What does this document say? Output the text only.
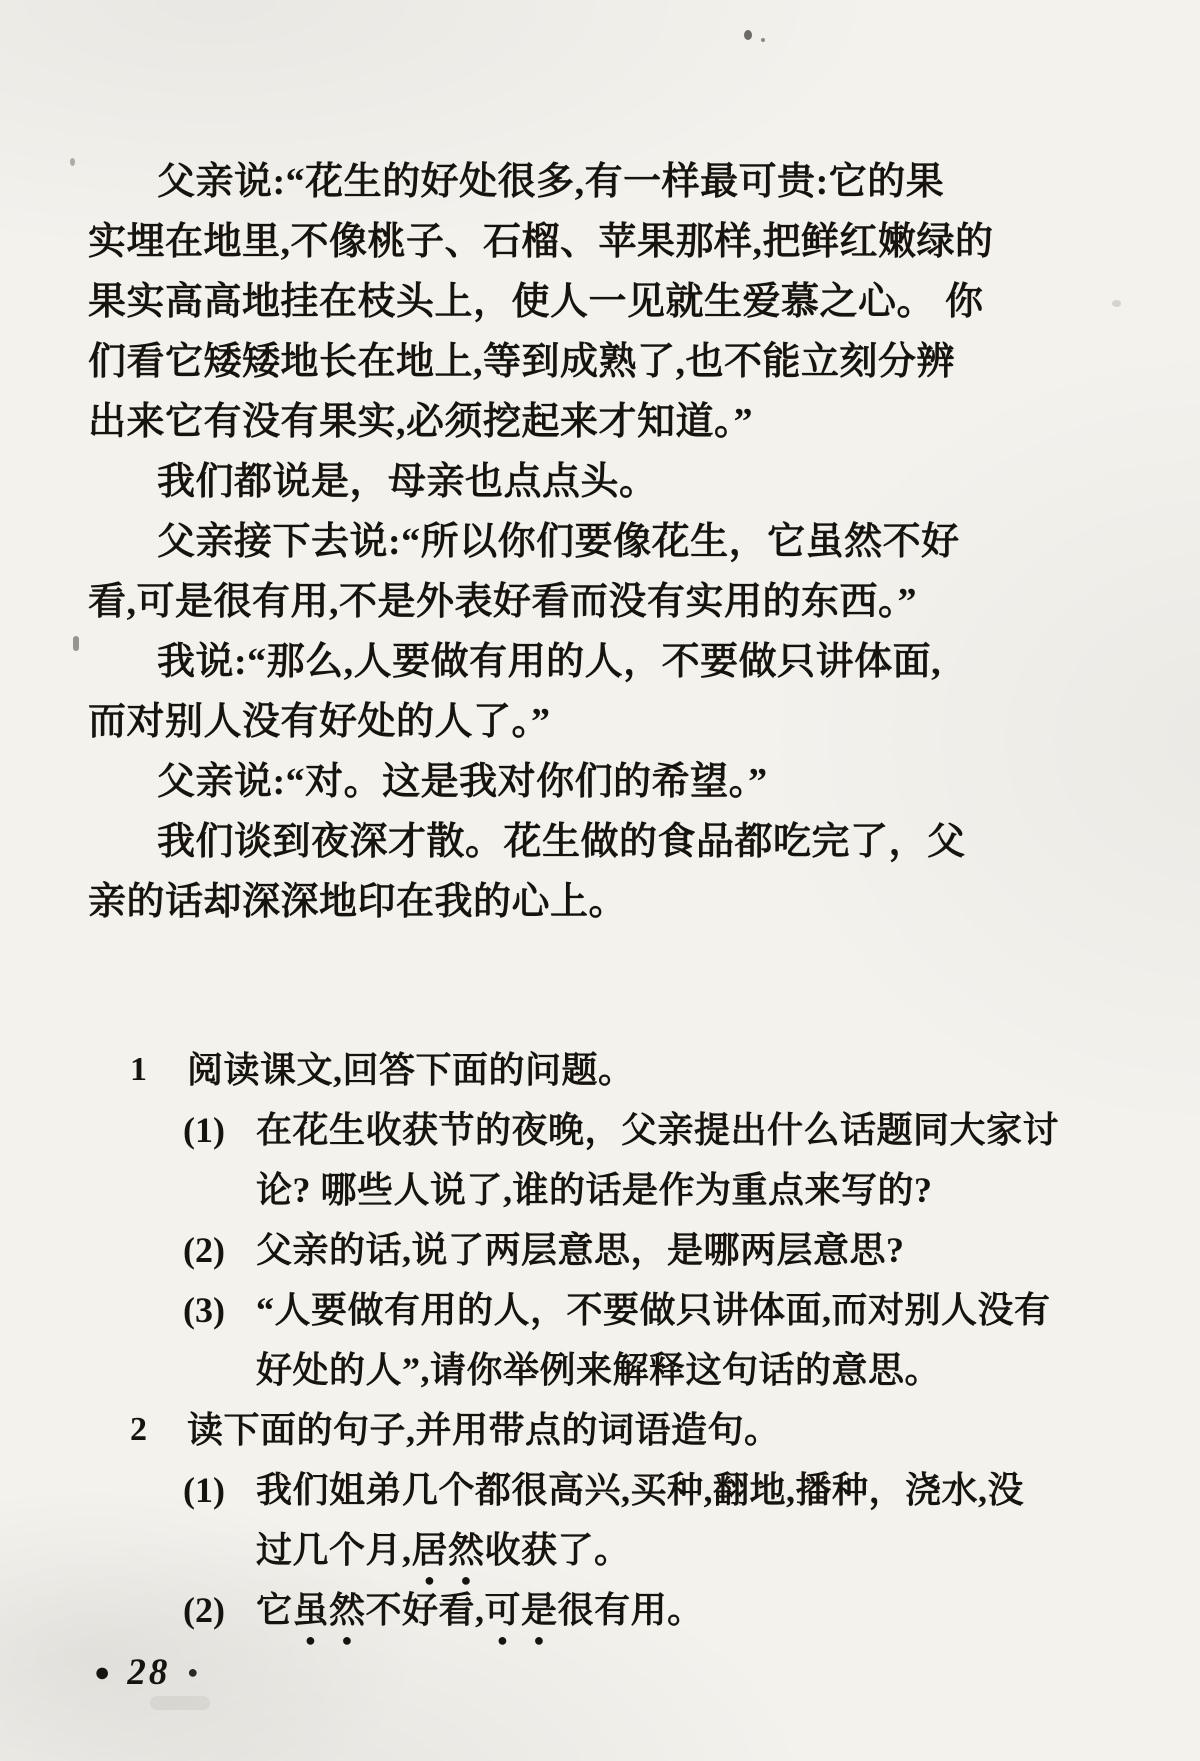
父亲说:“花生的好处很多,有一样最可贵:它的果
实埋在地里,不像桃子、石榴、苹果那样,把鲜红嫩绿的
果实高高地挂在枝头上，使人一见就生爱慕之心。 你
们看它矮矮地长在地上,等到成熟了,也不能立刻分辨
出来它有没有果实,必须挖起来才知道。”
我们都说是，母亲也点点头。
父亲接下去说:“所以你们要像花生，它虽然不好
看,可是很有用,不是外表好看而没有实用的东西。”
我说:“那么,人要做有用的人，不要做只讲体面,
而对别人没有好处的人了。”
父亲说:“对。这是我对你们的希望。”
我们谈到夜深才散。花生做的食品都吃完了，父
亲的话却深深地印在我的心上。
1 阅读课文,回答下面的问题。
(1) 在花生收获节的夜晚，父亲提出什么话题同大家讨
论? 哪些人说了,谁的话是作为重点来写的?
(2) 父亲的话,说了两层意思，是哪两层意思?
(3) “人要做有用的人，不要做只讲体面,而对别人没有
好处的人”,请你举例来解释这句话的意思。
2 读下面的句子,并用带点的词语造句。
(1) 我们姐弟几个都很高兴,买种,翻地,播种，浇水,没
过几个月,居然收获了。
(2) 它虽然不好看,可是很有用。
● 28 ●
